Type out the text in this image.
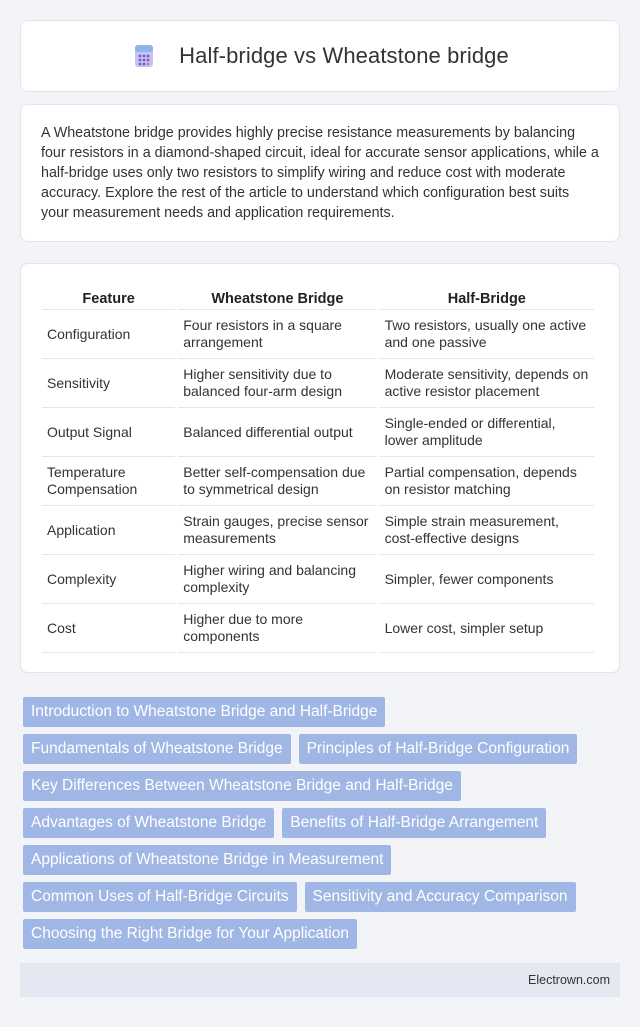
Half-bridge vs Wheatstone bridge

A Wheatstone bridge provides highly precise resistance measurements by balancing four resistors in a diamond-shaped circuit, ideal for accurate sensor applications, while a half-bridge uses only two resistors to simplify wiring and reduce cost with moderate accuracy. Explore the rest of the article to understand which configuration best suits your measurement needs and application requirements.

Feature	Wheatstone Bridge	Half-Bridge
Configuration	Four resistors in a square arrangement	Two resistors, usually one active and one passive
Sensitivity	Higher sensitivity due to balanced four-arm design	Moderate sensitivity, depends on active resistor placement
Output Signal	Balanced differential output	Single-ended or differential, lower amplitude
Temperature Compensation	Better self-compensation due to symmetrical design	Partial compensation, depends on resistor matching
Application	Strain gauges, precise sensor measurements	Simple strain measurement, cost-effective designs
Complexity	Higher wiring and balancing complexity	Simpler, fewer components
Cost	Higher due to more components	Lower cost, simpler setup
Introduction to Wheatstone Bridge and Half-Bridge
Fundamentals of Wheatstone Bridge	Principles of Half-Bridge Configuration
Key Differences Between Wheatstone Bridge and Half-Bridge
Advantages of Wheatstone Bridge	Benefits of Half-Bridge Arrangement
Applications of Wheatstone Bridge in Measurement
Common Uses of Half-Bridge Circuits	Sensitivity and Accuracy Comparison
Choosing the Right Bridge for Your Application
Electrown.com
